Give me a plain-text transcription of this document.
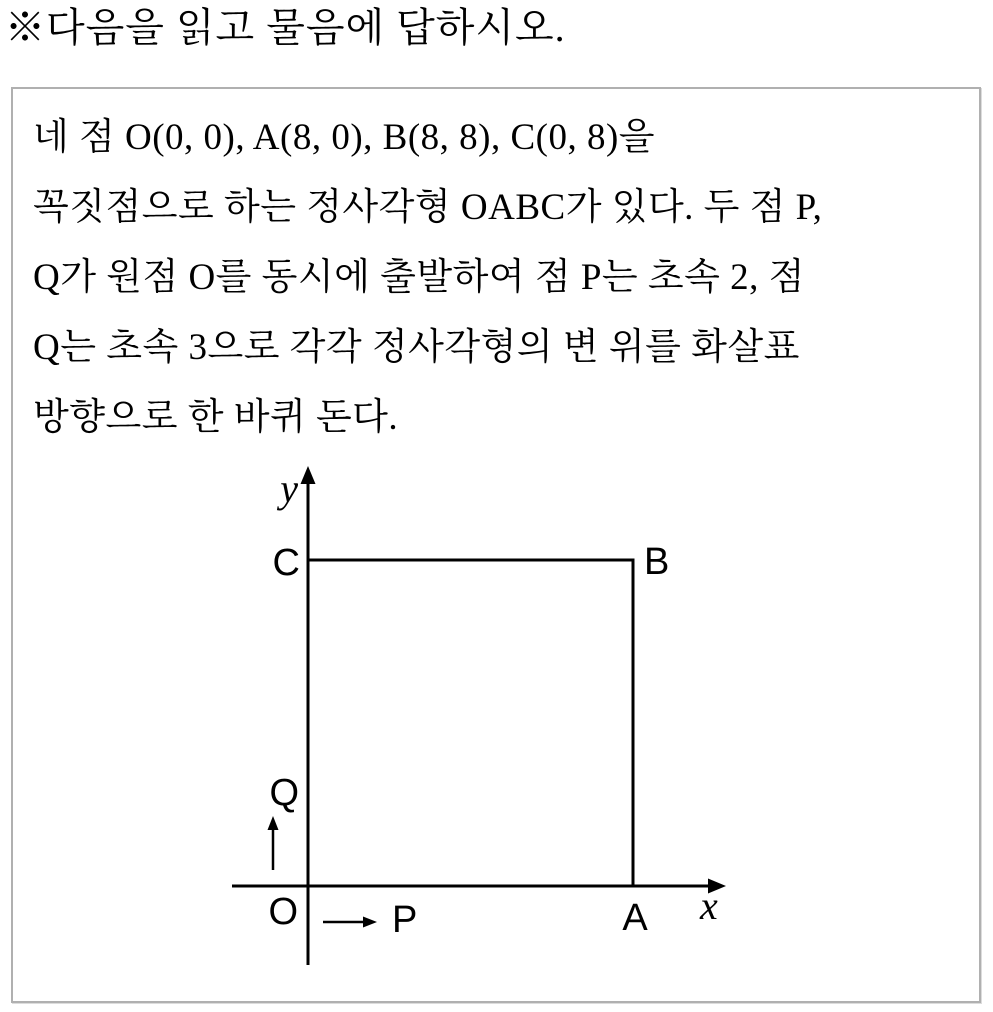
※다음을 읽고 물음에 답하시오.
네 점 O(0, 0), A(8, 0), B(8, 8), C(0, 8)을
꼭짓점으로 하는 정사각형 OABC가 있다. 두 점 P,
Q가 원점 O를 동시에 출발하여 점 P는 초속 2, 점
Q는 초속 3으로 각각 정사각형의 변 위를 화살표
방향으로 한 바퀴 돈다.
y
x
C	B
Q
O P	A
